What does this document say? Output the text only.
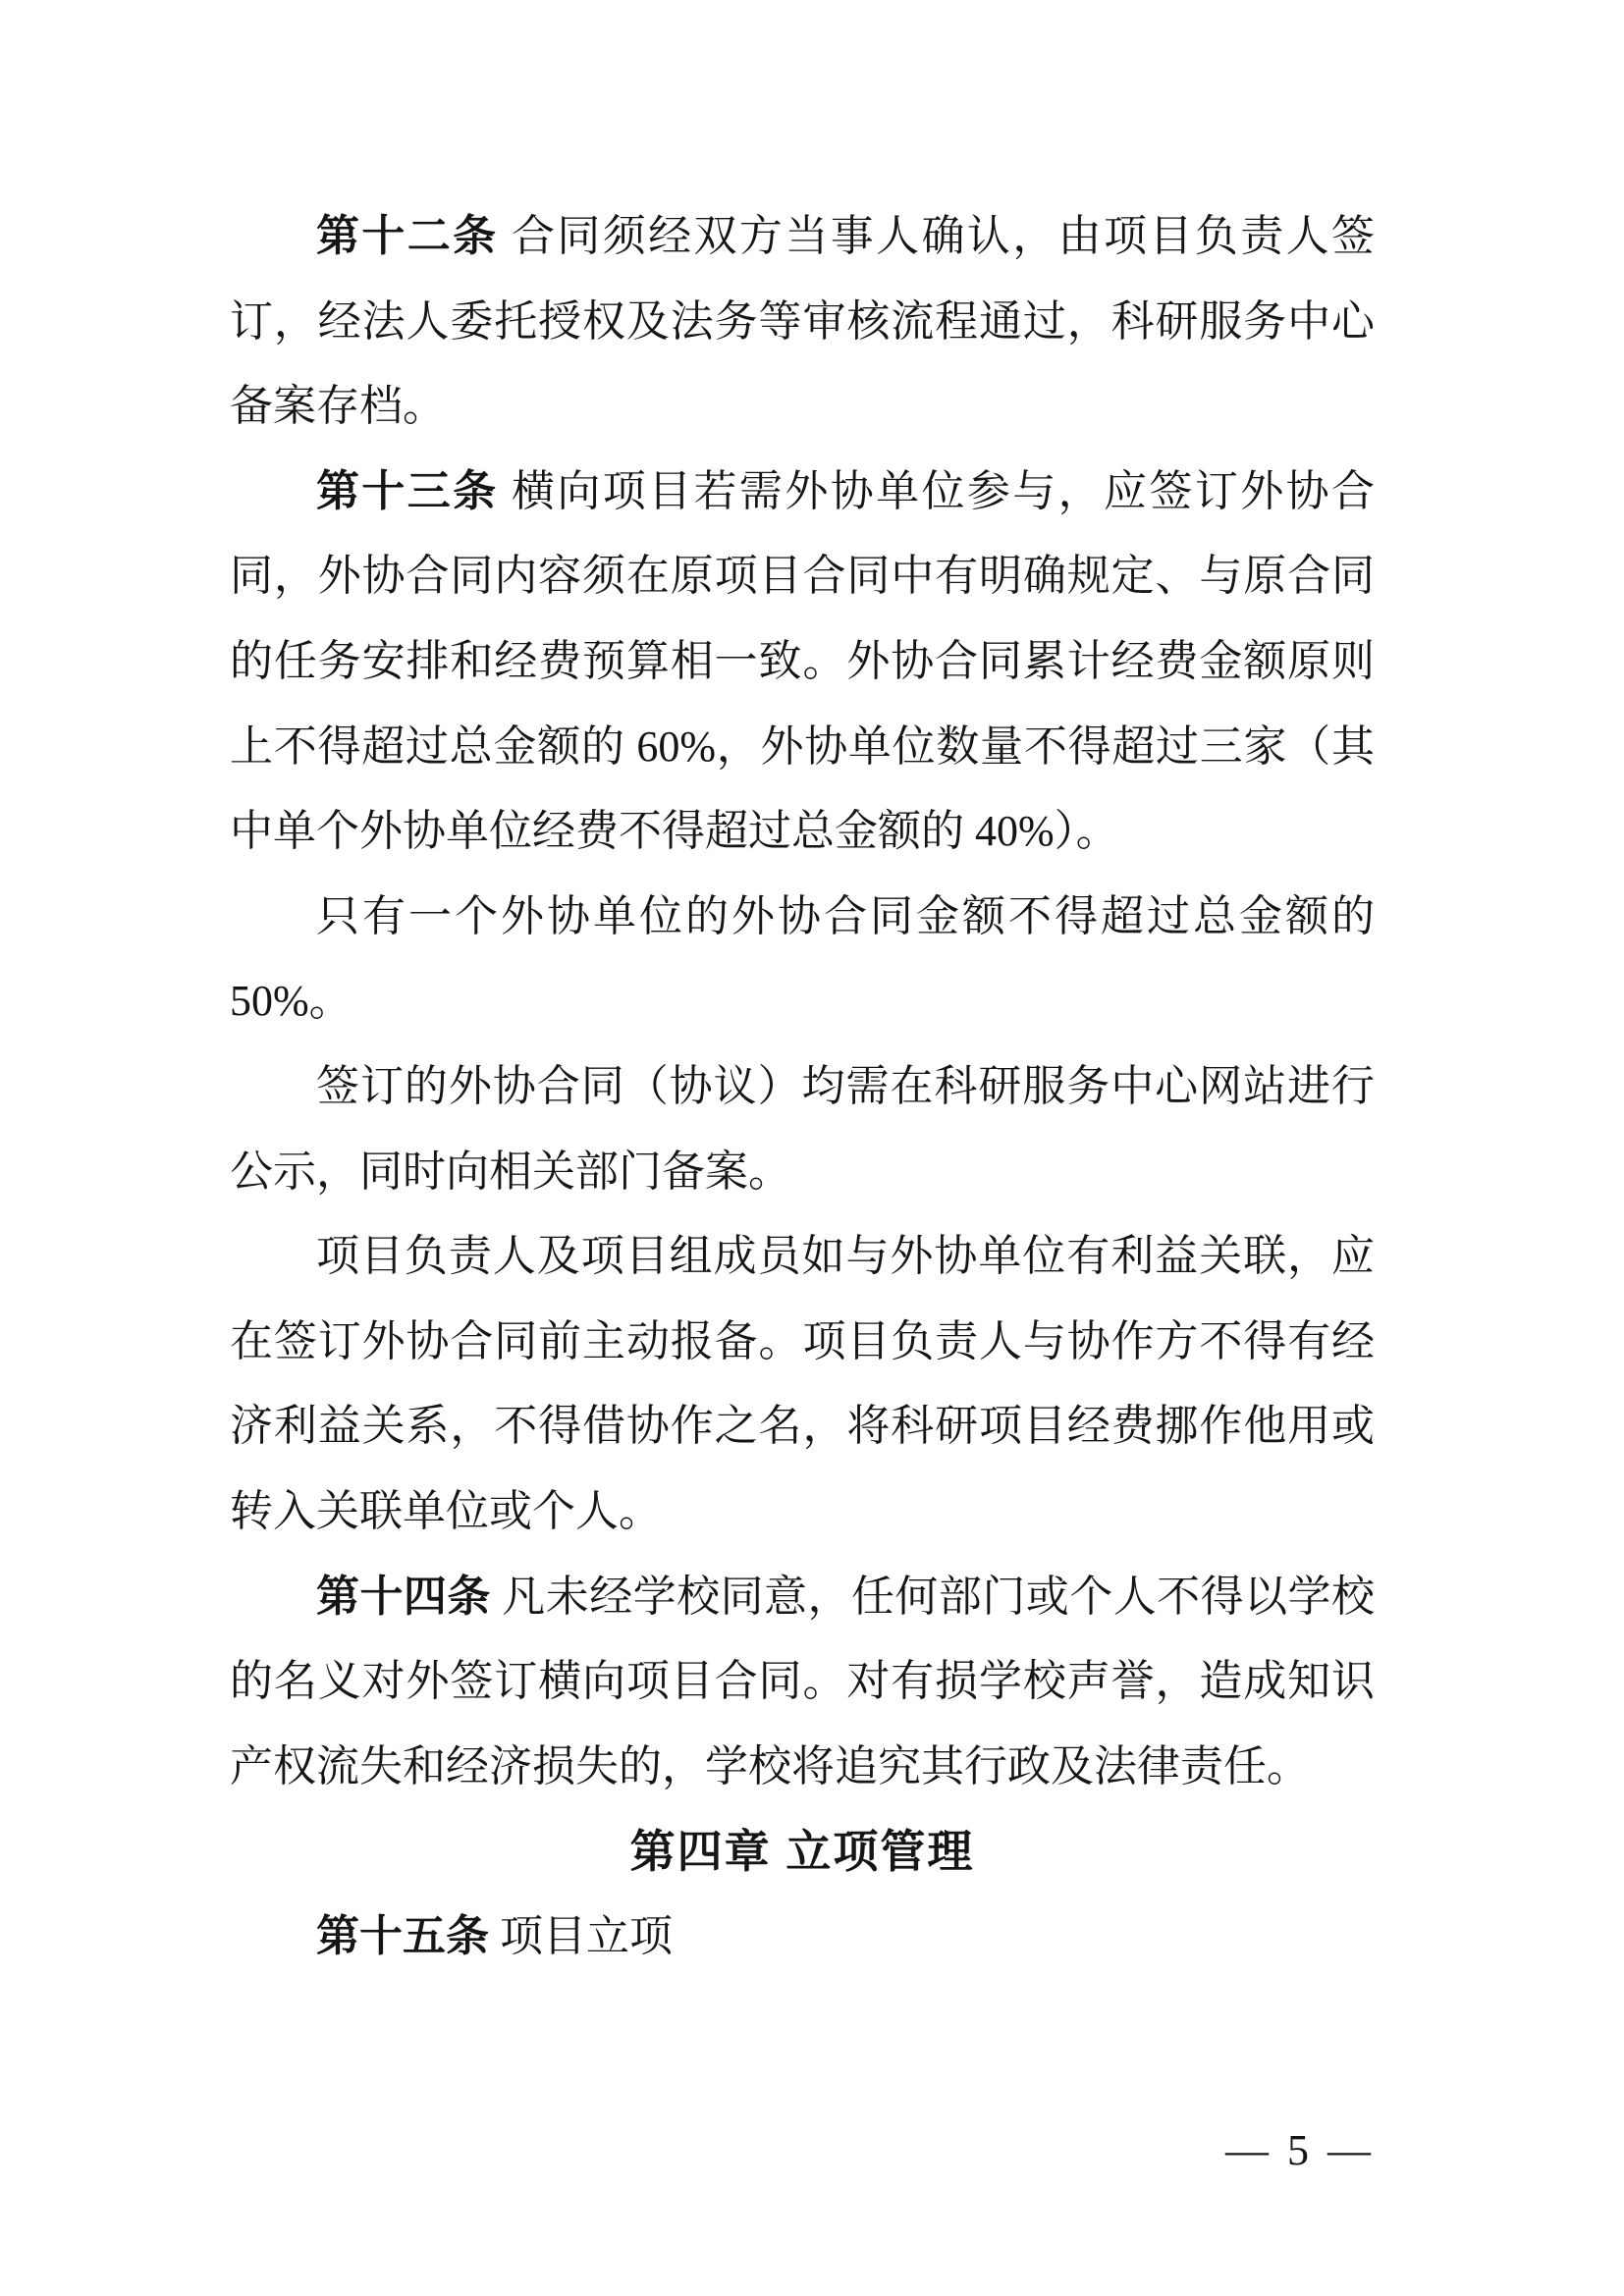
第十二条 合同须经双方当事人确认，由项目负责人签
订，经法人委托授权及法务等审核流程通过，科研服务中心
备案存档。
第十三条 横向项目若需外协单位参与，应签订外协合
同，外协合同内容须在原项目合同中有明确规定、与原合同
的任务安排和经费预算相一致。外协合同累计经费金额原则
上不得超过总金额的 60%，外协单位数量不得超过三家（其
中单个外协单位经费不得超过总金额的 40%）。
只有一个外协单位的外协合同金额不得超过总金额的
50%。
签订的外协合同（协议）均需在科研服务中心网站进行
公示，同时向相关部门备案。
项目负责人及项目组成员如与外协单位有利益关联，应
在签订外协合同前主动报备。项目负责人与协作方不得有经
济利益关系，不得借协作之名，将科研项目经费挪作他用或
转入关联单位或个人。
第十四条 凡未经学校同意，任何部门或个人不得以学校
的名义对外签订横向项目合同。对有损学校声誉，造成知识
产权流失和经济损失的，学校将追究其行政及法律责任。
第四章 立项管理
第十五条 项目立项
— 5 —
